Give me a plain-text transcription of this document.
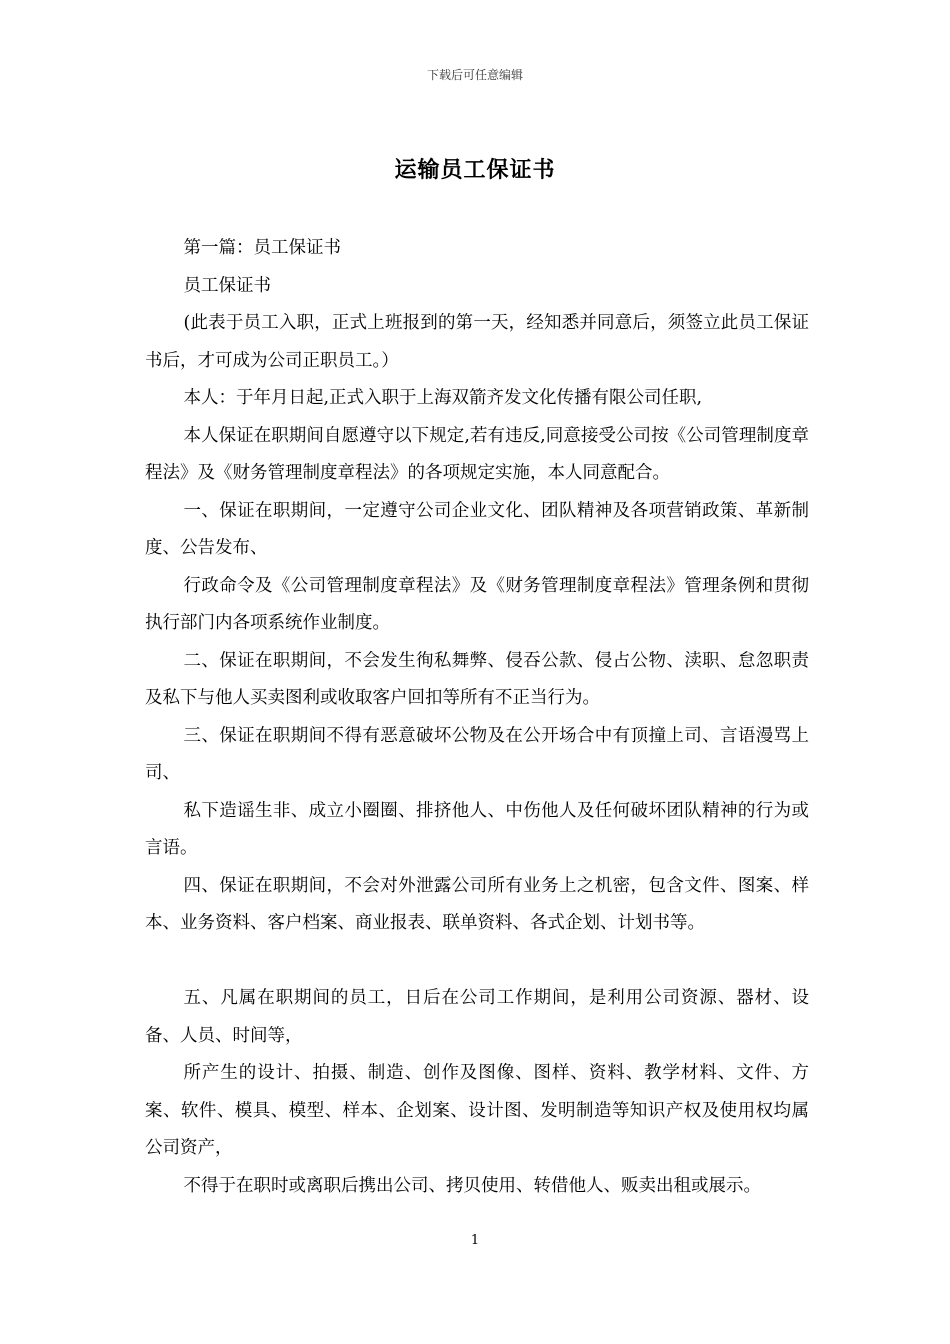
下载后可任意编辑
运输员工保证书

第一篇：员工保证书

员工保证书

(此表于员工入职，正式上班报到的第一天，经知悉并同意后，须签立此员工保证书后，才可成为公司正职员工。）

本人：于年月日起,正式入职于上海双箭齐发文化传播有限公司任职,

本人保证在职期间自愿遵守以下规定,若有违反,同意接受公司按《公司管理制度章程法》及《财务管理制度章程法》的各项规定实施，本人同意配合。

一、保证在职期间，一定遵守公司企业文化、团队精神及各项营销政策、革新制度、公告发布、

行政命令及《公司管理制度章程法》及《财务管理制度章程法》管理条例和贯彻执行部门内各项系统作业制度。

二、保证在职期间，不会发生徇私舞弊、侵吞公款、侵占公物、渎职、怠忽职责及私下与他人买卖图利或收取客户回扣等所有不正当行为。

三、保证在职期间不得有恶意破坏公物及在公开场合中有顶撞上司、言语漫骂上司、

私下造谣生非、成立小圈圈、排挤他人、中伤他人及任何破坏团队精神的行为或言语。

四、保证在职期间，不会对外泄露公司所有业务上之机密，包含文件、图案、样本、业务资料、客户档案、商业报表、联单资料、各式企划、计划书等。

五、凡属在职期间的员工，日后在公司工作期间，是利用公司资源、器材、设备、人员、时间等，

所产生的设计、拍摄、制造、创作及图像、图样、资料、教学材料、文件、方案、软件、模具、模型、样本、企划案、设计图、发明制造等知识产权及使用权均属公司资产，

不得于在职时或离职后携出公司、拷贝使用、转借他人、贩卖出租或展示。

1
